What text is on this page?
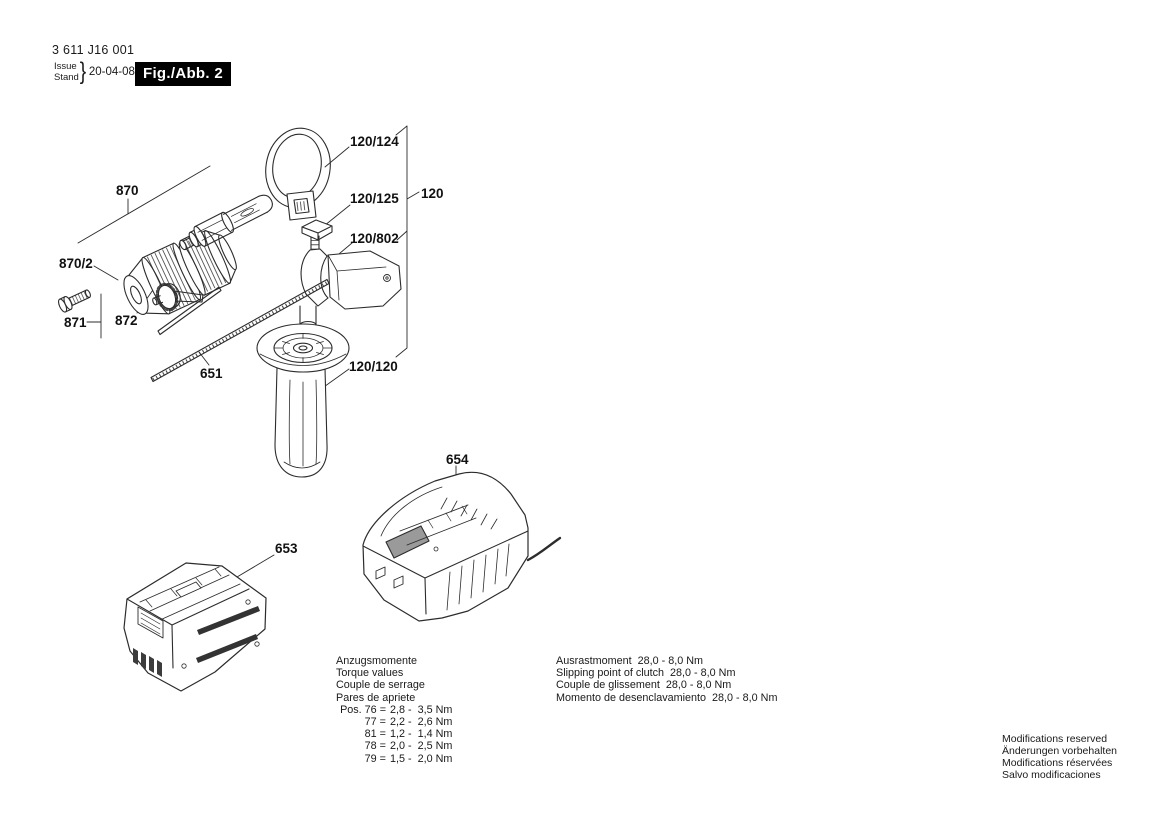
3 611 J16 001
Issue
Stand } 20-04-08 Fig./Abb. 2
870
870/2
871 872
651
120/124
120/125
120/802
120
120/120
653
654
Anzugsmomente
Torque values
Couple de serrage
Pares de apriete
Pos. 76 = 2,8 -  3,5 Nm
77 = 2,2 -  2,6 Nm
81 = 1,2 -  1,4 Nm
78 = 2,0 -  2,5 Nm
79 = 1,5 -  2,0 Nm
Ausrastmoment  28,0 - 8,0 Nm
Slipping point of clutch  28,0 - 8,0 Nm
Couple de glissement  28,0 - 8,0 Nm
Momento de desenclavamiento  28,0 - 8,0 Nm
Modifications reserved
Änderungen vorbehalten
Modifications réservées
Salvo modificaciones
